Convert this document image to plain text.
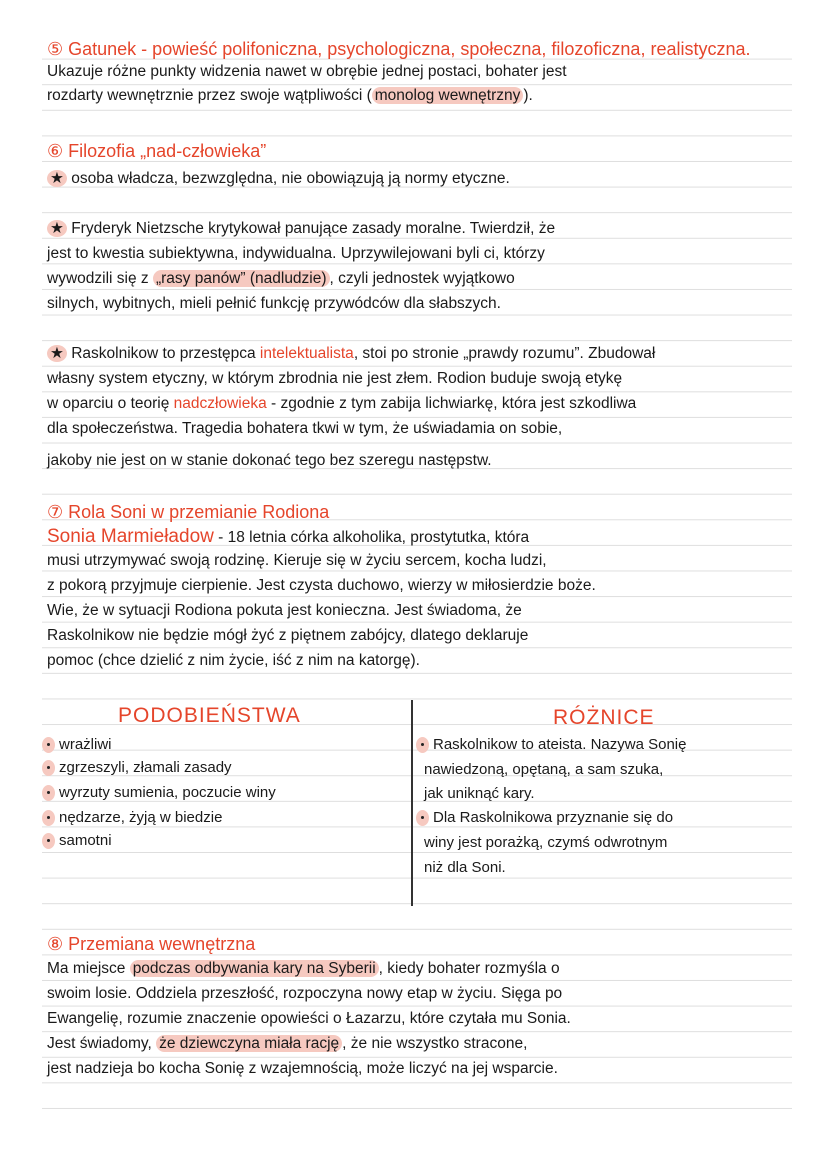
⑤ Gatunek - powieść polifoniczna, psychologiczna, społeczna, filozoficzna, realistyczna.
Ukazuje różne punkty widzenia nawet w obrębie jednej postaci, bohater jest
rozdarty wewnętrznie przez swoje wątpliwości ( monolog wewnętrzny ).
⑥ Filozofia „nad-człowieka”
★ osoba władcza, bezwzględna, nie obowiązują ją normy etyczne.
★ Fryderyk Nietzsche krytykował panujące zasady moralne. Twierdził, że
jest to kwestia subiektywna, indywidualna. Uprzywilejowani byli ci, którzy
wywodzili się z „rasy panów” (nadludzie) , czyli jednostek wyjątkowo
silnych, wybitnych, mieli pełnić funkcję przywódców dla słabszych.
★ Raskolnikow to przestępca intelektualista, stoi po stronie „prawdy rozumu”. Zbudował
własny system etyczny, w którym zbrodnia nie jest złem. Rodion buduje swoją etykę
w oparciu o teorię nadczłowieka - zgodnie z tym zabija lichwiarkę, która jest szkodliwa
dla społeczeństwa. Tragedia bohatera tkwi w tym, że uświadamia on sobie,
jakoby nie jest on w stanie dokonać tego bez szeregu następstw.
⑦ Rola Soni w przemianie Rodiona
Sonia Marmieładow - 18 letnia córka alkoholika, prostytutka, która
musi utrzymywać swoją rodzinę. Kieruje się w życiu sercem, kocha ludzi,
z pokorą przyjmuje cierpienie. Jest czysta duchowo, wierzy w miłosierdzie boże.
Wie, że w sytuacji Rodiona pokuta jest konieczna. Jest świadoma, że
Raskolnikow nie będzie mógł żyć z piętnem zabójcy, dlatego deklaruje
pomoc (chce dzielić z nim życie, iść z nim na katorgę).
⑧ Przemiana wewnętrzna
Ma miejsce podczas odbywania kary na Syberii , kiedy bohater rozmyśla o
swoim losie. Oddziela przeszłość, rozpoczyna nowy etap w życiu. Sięga po
Ewangelię, rozumie znaczenie opowieści o Łazarzu, które czytała mu Sonia.
Jest świadomy, że dziewczyna miała rację , że nie wszystko stracone,
jest nadzieja bo kocha Sonię z wzajemnością, może liczyć na jej wsparcie.
PODOBIEŃSTWA	RÓŻNICE
wrażliwi
zgrzeszyli, złamali zasady
wyrzuty sumienia, poczucie winy
nędzarze, żyją w biedzie
samotni
Raskolnikow to ateista. Nazywa Sonię
nawiedzoną, opętaną, a sam szuka,
jak uniknąć kary.
Dla Raskolnikowa przyznanie się do
winy jest porażką, czymś odwrotnym
niż dla Soni.
